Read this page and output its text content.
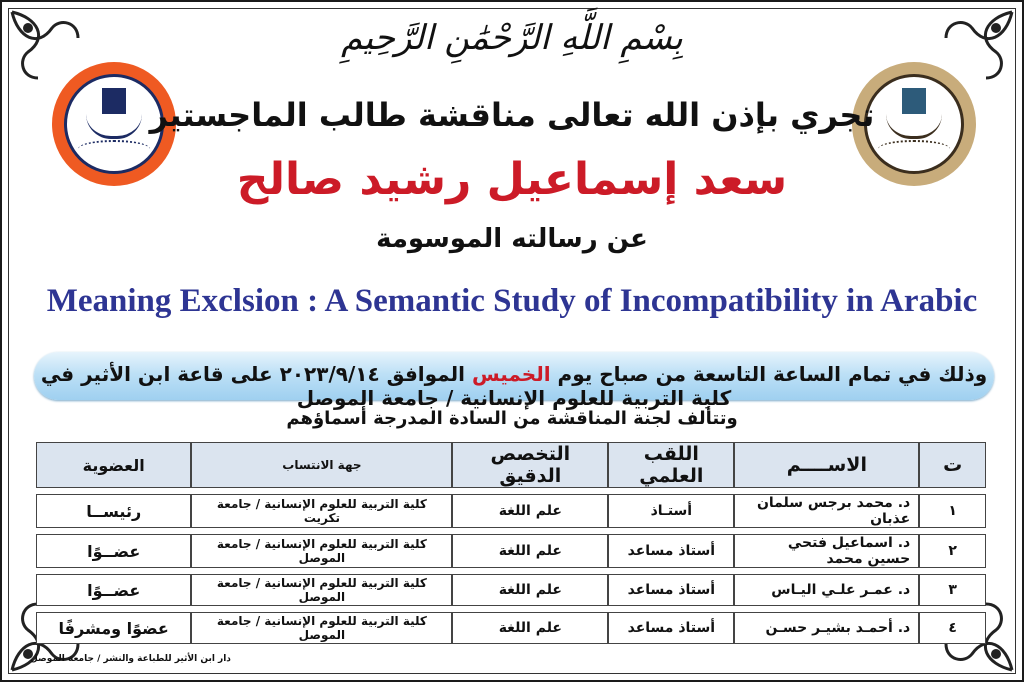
بِسْمِ اللَّهِ الرَّحْمَٰنِ الرَّحِيمِ
تجري بإذن الله تعالى مناقشة طالب الماجستير
سعد إسماعيل رشيد صالح
عن رسالته الموسومة
Meaning Exclsion : A Semantic Study of Incompatibility in Arabic
وذلك في تمام الساعة التاسعة من صباح يوم الخميس الموافق ٢٠٢٣/٩/١٤ على قاعة ابن الأثير في كلية التربية للعلوم الإنسانية / جامعة الموصل
وتتألف لجنة المناقشة من السادة المدرجة أسماؤهم
ت	الاســــم	اللقب العلمي	التخصص الدقيق	جهة الانتساب	العضوية
١	د. محمد برجس سلمان عذبان	أستـاذ	علم اللغة	كلية التربية للعلوم الإنسانية / جامعة تكريت	رئيســا
٢	د. اسماعيل فتحي حسين محمد	أستاذ مساعد	علم اللغة	كلية التربية للعلوم الإنسانية / جامعة الموصل	عضــوًا
٣	د. عمـر علـي اليـاس	أستاذ مساعد	علم اللغة	كلية التربية للعلوم الإنسانية / جامعة الموصل	عضــوًا
٤	د. أحمـد بشيـر حسـن	أستاذ مساعد	علم اللغة	كلية التربية للعلوم الإنسانية / جامعة الموصل	عضوًا ومشرفًا
دار ابن الأثير للطباعة والنشر / جامعة الموصل
